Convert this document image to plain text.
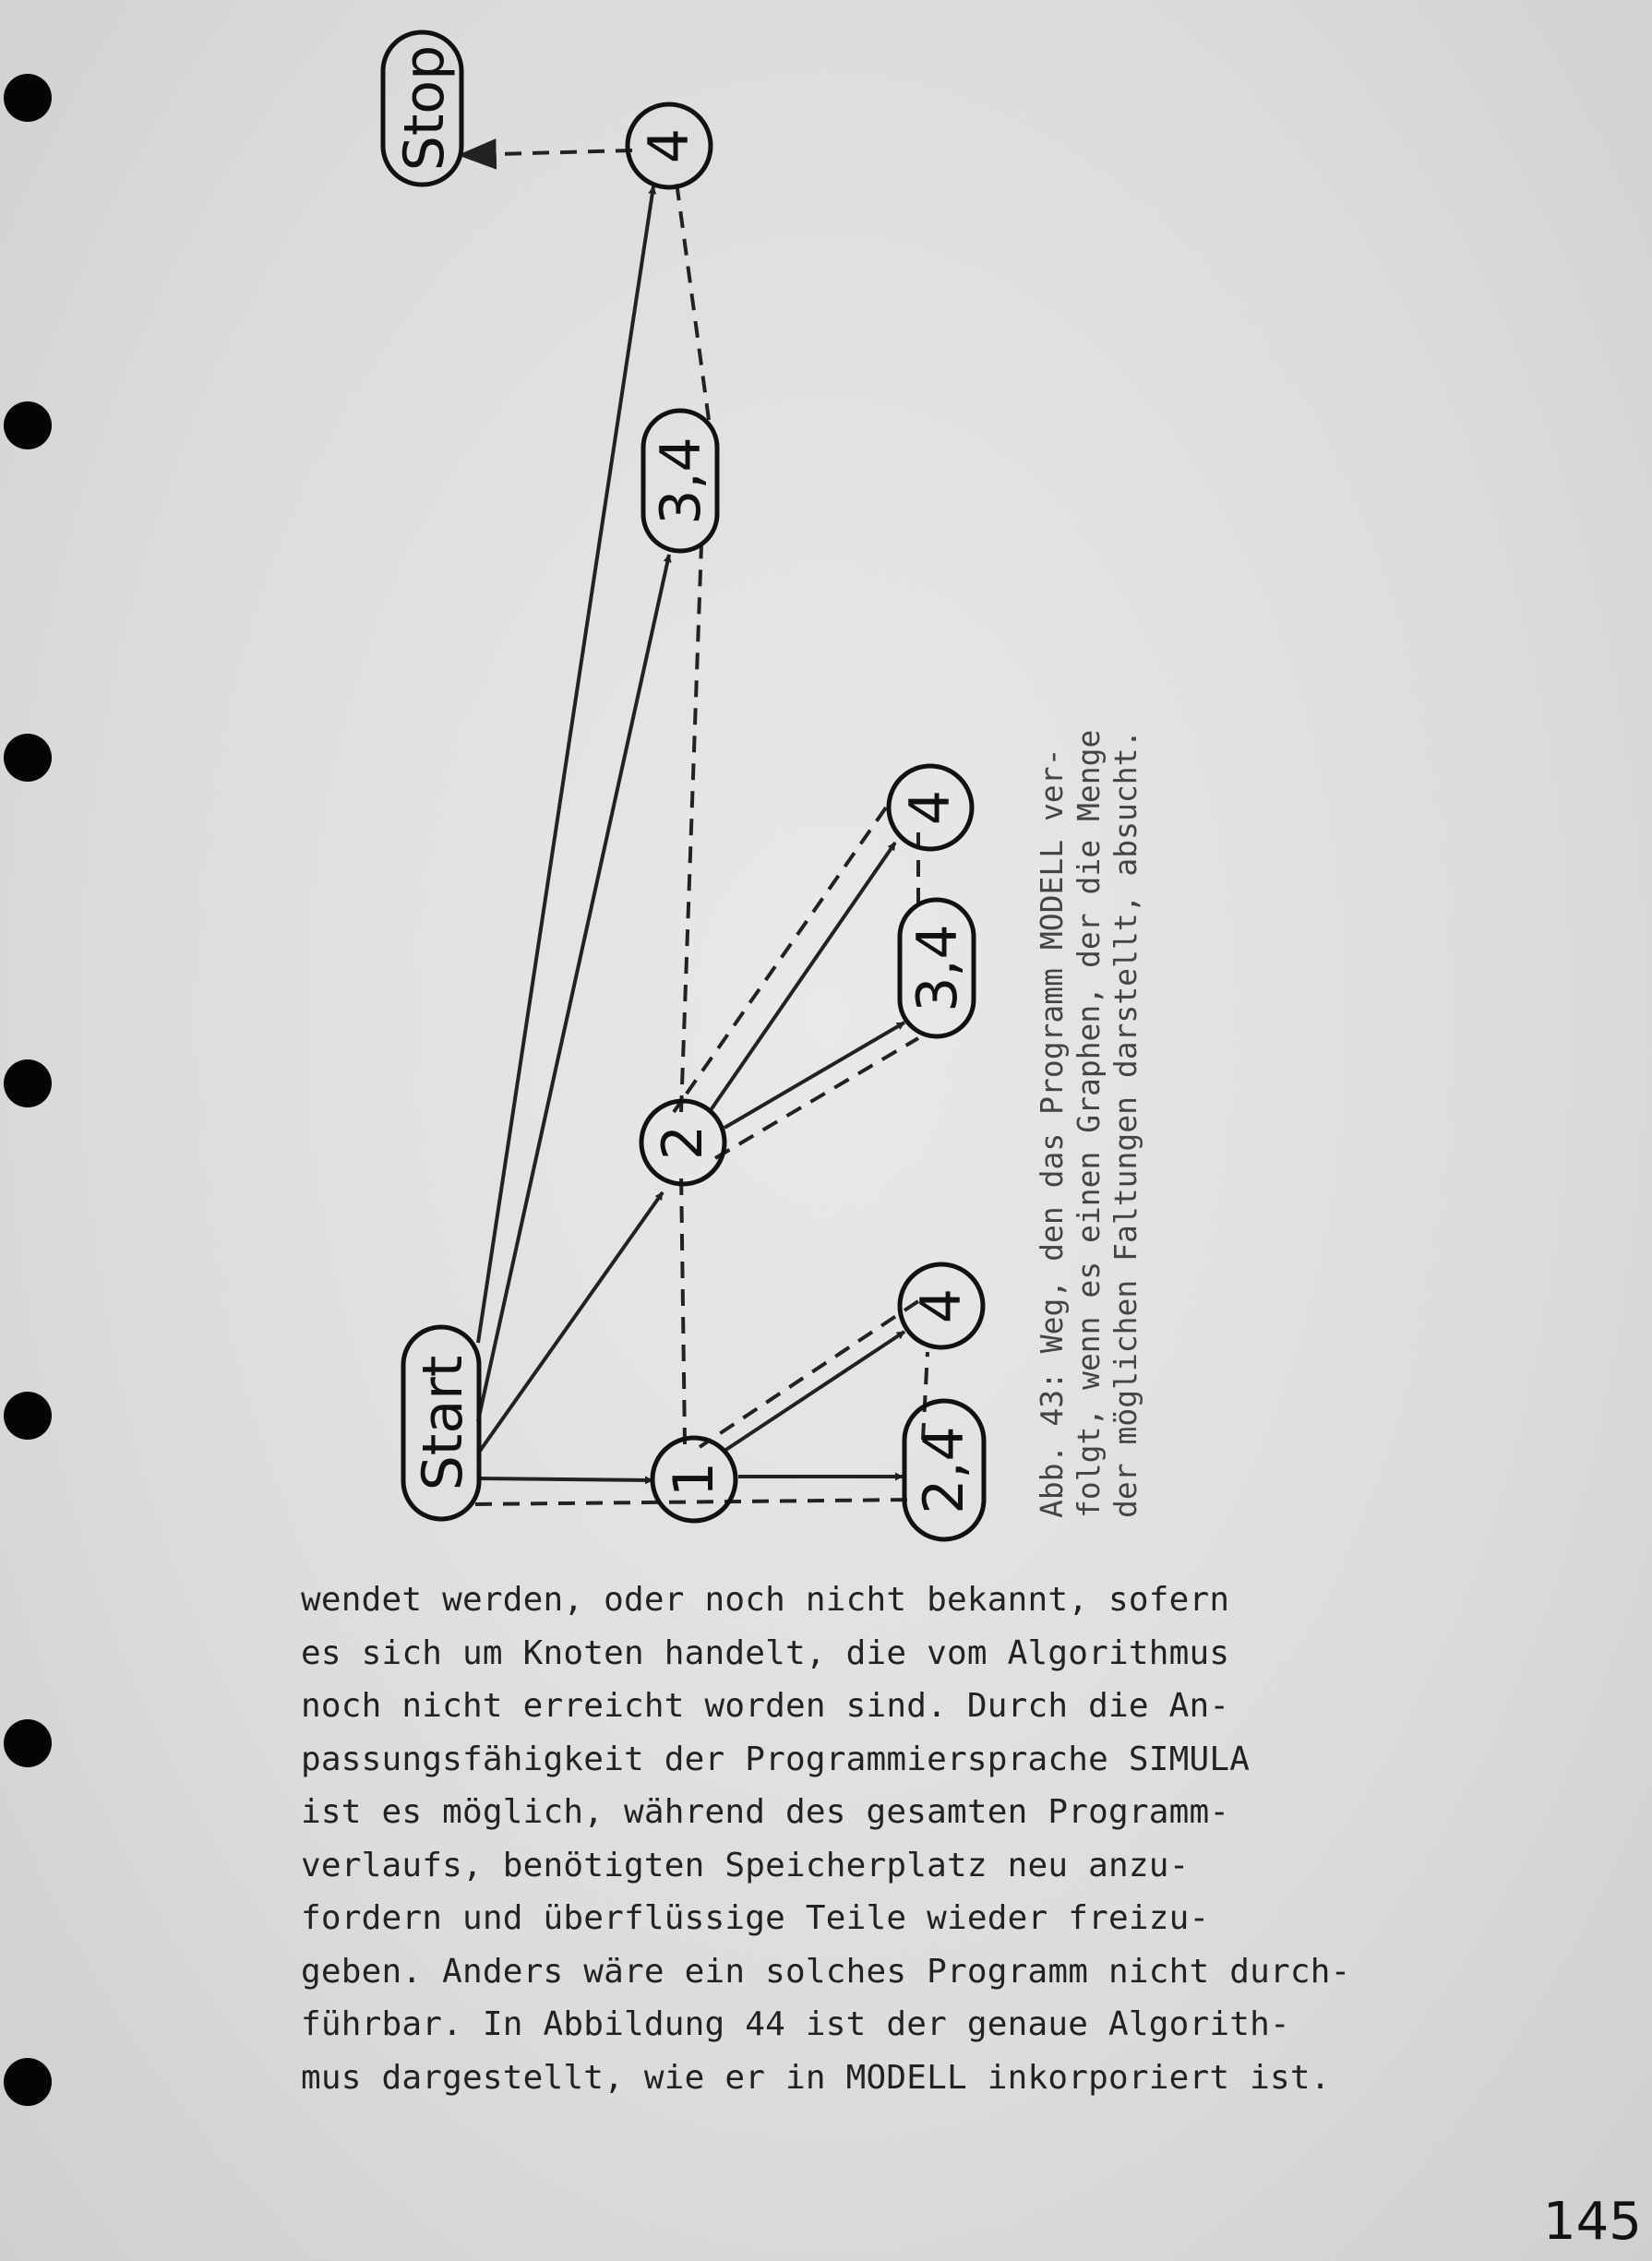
Start
Stop
1
2
4
2,4
4
3,4
3,4
4
Abb. 43: Weg, den das Programm MODELL ver- folgt, wenn es einen Graphen, der die Menge der möglichen Faltungen darstellt, absucht.
wendet werden, oder noch nicht bekannt, sofern
es sich um Knoten handelt, die vom Algorithmus
noch nicht erreicht worden sind. Durch die An-
passungsfähigkeit der Programmiersprache SIMULA
ist es möglich, während des gesamten Programm-
verlaufs, benötigten Speicherplatz neu anzu-
fordern und überflüssige Teile wieder freizu-
geben. Anders wäre ein solches Programm nicht durch-
führbar. In Abbildung 44 ist der genaue Algorith-
mus dargestellt, wie er in MODELL inkorporiert ist.
145
